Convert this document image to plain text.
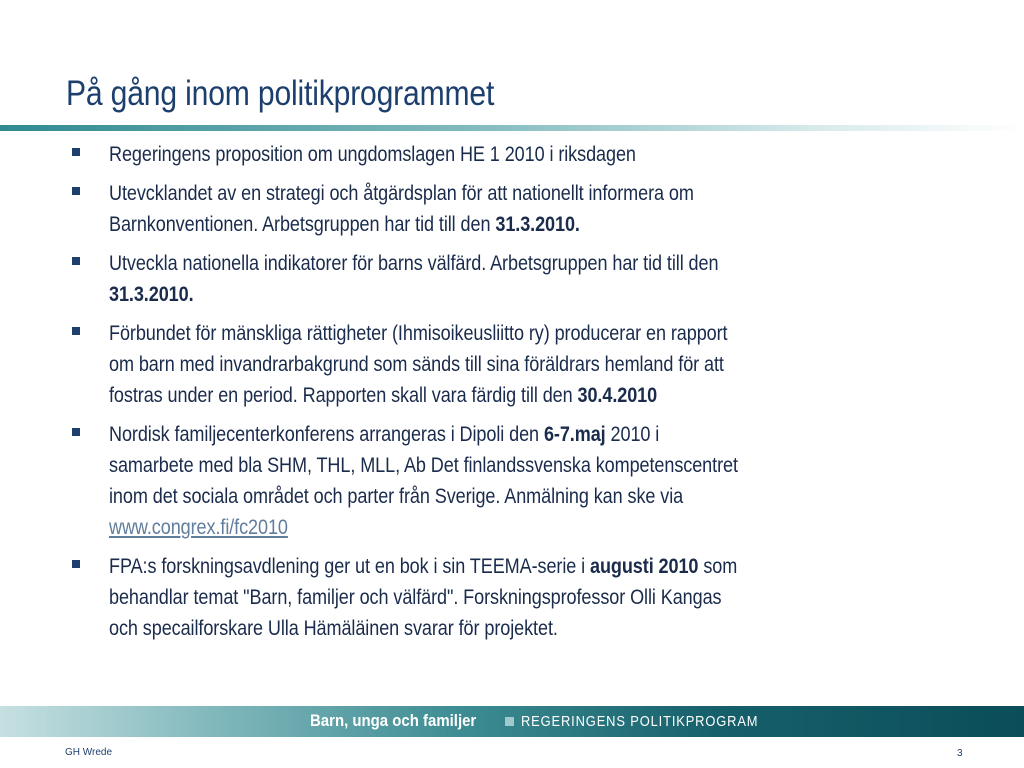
På gång inom politikprogrammet
Regeringens proposition om ungdomslagen HE 1 2010 i riksdagen
Utevcklandet av en strategi och åtgärdsplan för att nationellt informera om
Barnkonventionen. Arbetsgruppen har tid till den 31.3.2010.
Utveckla nationella indikatorer för barns välfärd. Arbetsgruppen har tid till den
31.3.2010.
Förbundet för mänskliga rättigheter (Ihmisoikeusliitto ry) producerar en rapport
om barn med invandrarbakgrund som sänds till sina föräldrars hemland för att
fostras under en period. Rapporten skall vara färdig till den 30.4.2010
Nordisk familjecenterkonferens arrangeras i Dipoli den 6-7.maj 2010 i
samarbete med bla SHM, THL, MLL, Ab Det finlandssvenska kompetenscentret
inom det sociala området och parter från Sverige. Anmälning kan ske via
www.congrex.fi/fc2010
FPA:s forskningsavdlening ger ut en bok i sin TEEMA-serie i augusti 2010 som
behandlar temat "Barn, familjer och välfärd". Forskningsprofessor Olli Kangas
och specailforskare Ulla Hämäläinen svarar för projektet.
Barn, unga och familjer	REGERINGENS POLITIKPROGRAM
GH Wrede	3
